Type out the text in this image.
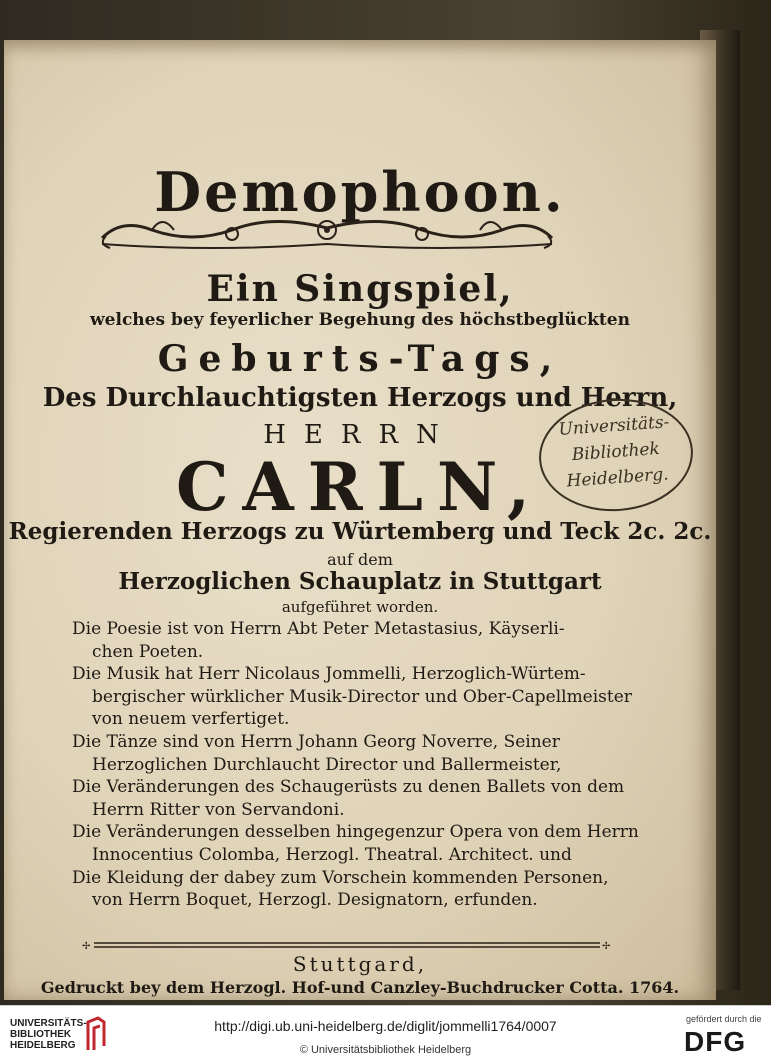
Demophoon.
Ein Singspiel,
welches bey feyerlicher Begehung des höchstbeglückten
Geburts-Tags,
Des Durchlauchtigsten Herzogs und Herrn,
HERRN
CARLN,
Regierenden Herzogs zu Würtemberg und Teck 2c. 2c.
auf dem
Herzoglichen Schauplatz in Stuttgart
aufgeführet worden.
Die Poesie ist von Herrn Abt Peter Metastasius, Käyserli-
chen Poeten.
Die Musik hat Herr Nicolaus Jommelli, Herzoglich-Würtem-
bergischer würklicher Musik-Director und Ober-Capellmeister
von neuem verfertiget.
Die Tänze sind von Herrn Johann Georg Noverre, Seiner
Herzoglichen Durchlaucht Director und Ballermeister,
Die Veränderungen des Schaugerüsts zu denen Ballets von dem
Herrn Ritter von Servandoni.
Die Veränderungen desselben hingegenzur Opera von dem Herrn
Innocentius Colomba, Herzogl. Theatral. Architect. und
Die Kleidung der dabey zum Vorschein kommenden Personen,
von Herrn Boquet, Herzogl. Designatorn, erfunden.
✢	✢
Stuttgard,
Gedruckt bey dem Herzogl. Hof-und Canzley-Buchdrucker Cotta. 1764.
Universitäts-
Bibliothek
Heidelberg.
UNIVERSITÄTS-
BIBLIOTHEK
HEIDELBERG
http://digi.ub.uni-heidelberg.de/diglit/jommelli1764/0007
© Universitätsbibliothek Heidelberg
gefördert durch die
DFG
